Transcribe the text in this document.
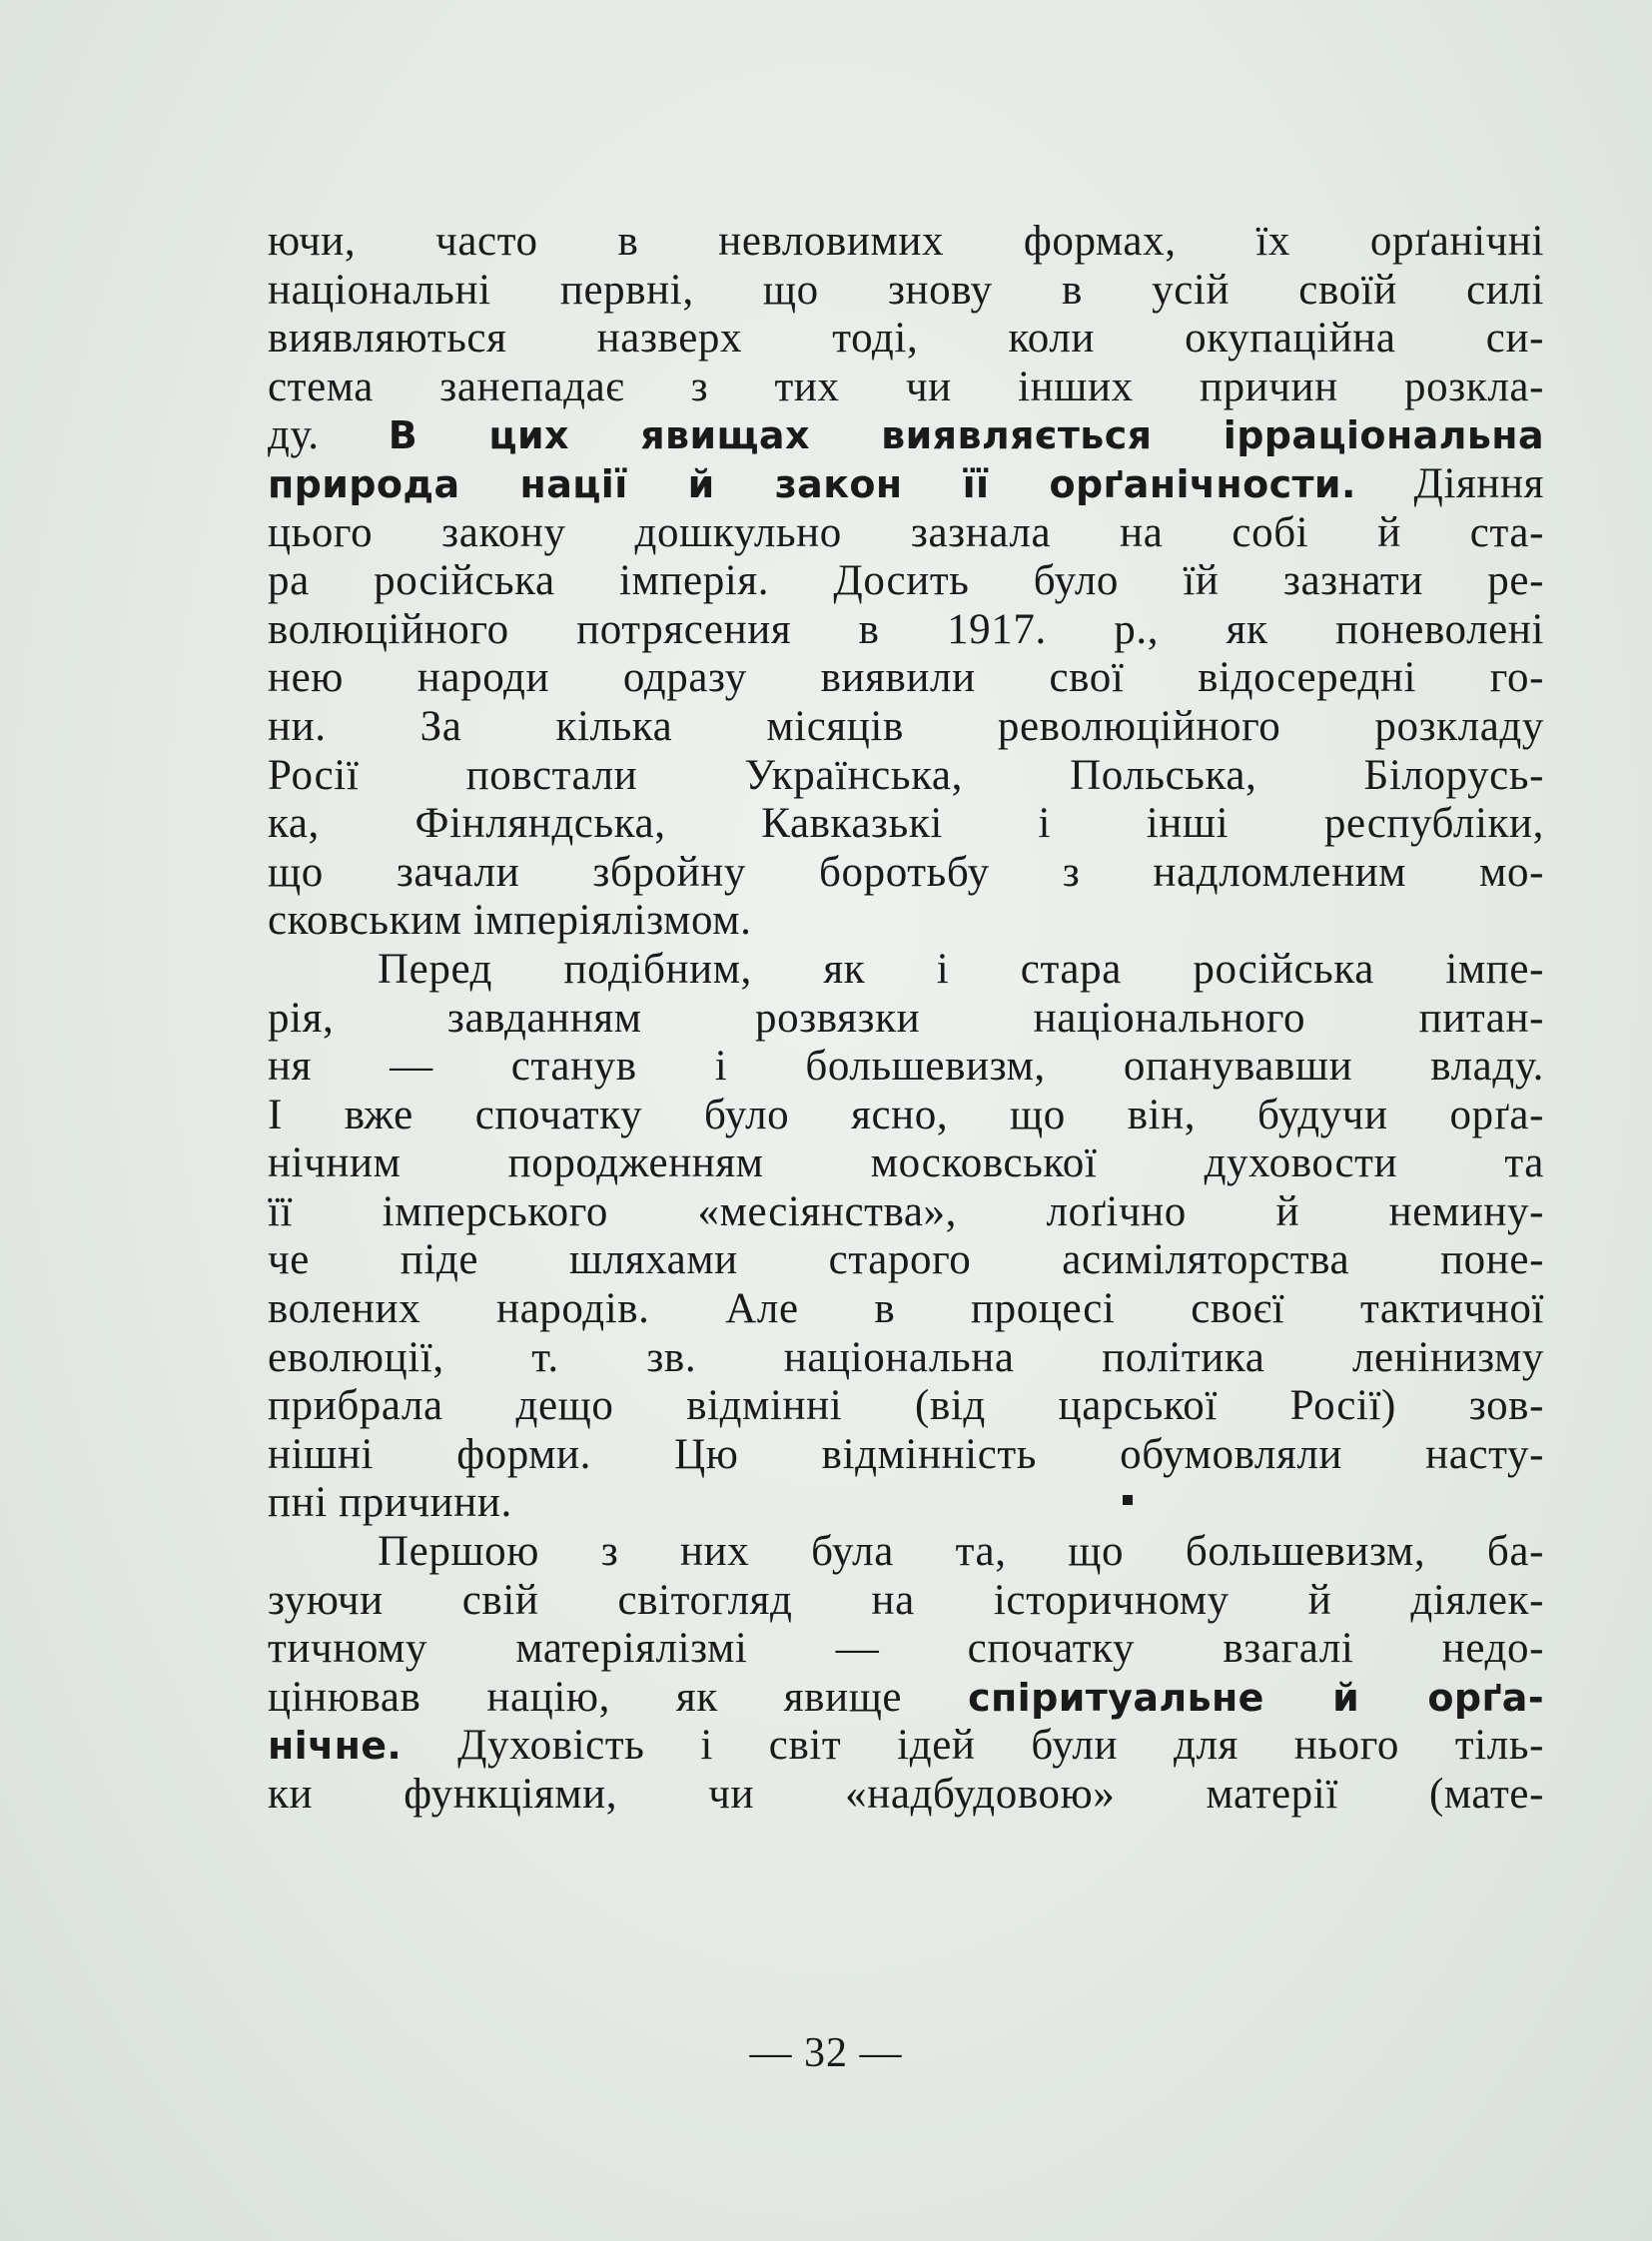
ючи, часто в невловимих формах, їх орґанічні
національні первні, що знову в усій своїй силі
виявляються назверх тоді, коли окупаційна си-
стема занепадає з тих чи інших причин розкла-
ду. В цих явищах виявляється ірраціональна
природа нації й закон її орґанічности. Діяння
цього закону дошкульно зазнала на собі й ста-
ра російська імперія. Досить було їй зазнати ре-
волюційного потрясения в 1917. р., як поневолені
нею народи одразу виявили свої відосередні го-
ни. За кілька місяців революційного розкладу
Росії повстали Українська, Польська, Білорусь-
ка, Фінляндська, Кавказькі і інші республіки,
що зачали збройну боротьбу з надломленим мо-
сковським імперіялізмом.
Перед подібним, як і стара російська імпе-
рія, завданням розвязки національного питан-
ня — станув і большевизм, опанувавши владу.
І вже спочатку було ясно, що він, будучи орґа-
нічним породженням московської духовости та
її імперського «месіянства», лоґічно й немину-
че піде шляхами старого асиміляторства поне-
волених народів. Але в процесі своєї тактичної
еволюції, т. зв. національна політика ленінизму
прибрала дещо відмінні (від царської Росії) зов-
нішні форми. Цю відмінність обумовляли насту-
пні причини.
Першою з них була та, що большевизм, ба-
зуючи свій світогляд на історичному й діялек-
тичному матеріялізмі — спочатку взагалі недо-
цінював націю, як явище спіритуальне й орґа-
нічне. Духовість і світ ідей були для нього тіль-
ки функціями, чи «надбудовою» матерії (мате-
— 32 —
